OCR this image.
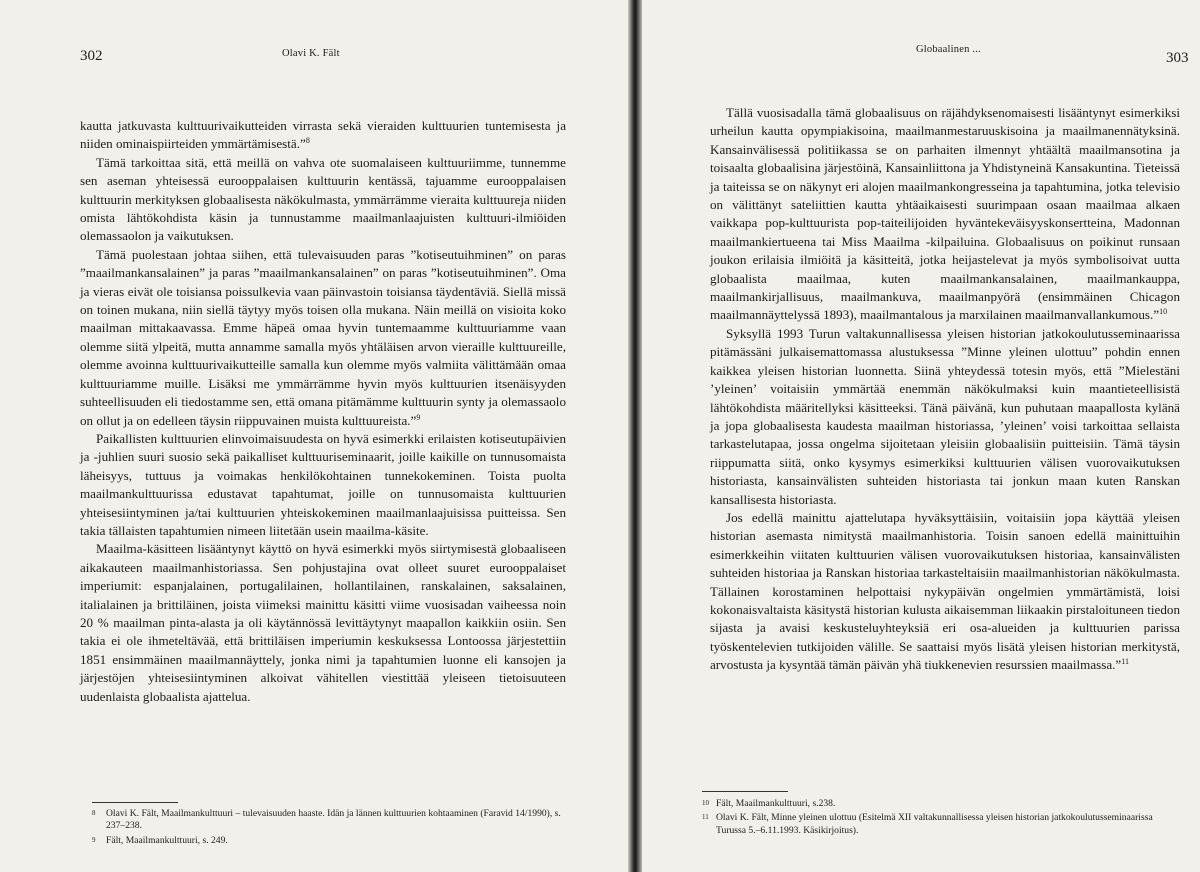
302	Olavi K. Fält

kautta jatkuvasta kulttuurivaikutteiden virrasta sekä vieraiden kulttuurien tuntemisesta ja niiden ominaispiirteiden ymmärtämisestä.”$^8$

Tämä tarkoittaa sitä, että meillä on vahva ote suomalaiseen kulttuuriimme, tunnemme sen aseman yhteisessä eurooppalaisen kulttuurin kentässä, tajuamme eurooppalaisen kulttuurin merkityksen globaalisesta näkökulmasta, ymmärrämme vieraita kulttuureja niiden omista lähtökohdista käsin ja tunnustamme maailmanlaajuisten kulttuuri-ilmiöiden olemassaolon ja vaikutuksen.

Tämä puolestaan johtaa siihen, että tulevaisuuden paras ”kotiseutuihminen” on paras ”maailmankansalainen” ja paras ”maailmankansalainen” on paras ”kotiseutuihminen”. Oma ja vieras eivät ole toisiansa poissulkevia vaan päinvastoin toisiansa täydentäviä. Siellä missä on toinen mukana, niin siellä täytyy myös toisen olla mukana. Näin meillä on visioita koko maailman mittakaavassa. Emme häpeä omaa hyvin tuntemaamme kulttuuriamme vaan olemme siitä ylpeitä, mutta annamme samalla myös yhtäläisen arvon vieraille kulttuureille, olemme avoinna kulttuurivaikutteille samalla kun olemme myös valmiita välittämään omaa kulttuuriamme muille. Lisäksi me ymmärrämme hyvin myös kulttuurien itsenäisyyden suhteellisuuden eli tiedostamme sen, että omana pitämämme kulttuurin synty ja olemassaolo on ollut ja on edelleen täysin riippuvainen muista kulttuureista.”$^9$

Paikallisten kulttuurien elinvoimaisuudesta on hyvä esimerkki erilaisten kotiseutupäivien ja -juhlien suuri suosio sekä paikalliset kulttuuriseminaarit, joille kaikille on tunnusomaista läheisyys, tuttuus ja voimakas henkilökohtainen tunnekokeminen. Toista puolta maailmankulttuurissa edustavat tapahtumat, joille on tunnusomaista kulttuurien yhteisesiintyminen ja/tai kulttuurien yhteiskokeminen maailmanlaajuisissa puitteissa. Sen takia tällaisten tapahtumien nimeen liitetään usein maailma-käsite.

Maailma-käsitteen lisääntynyt käyttö on hyvä esimerkki myös siirtymisestä globaaliseen aikakauteen maailmanhistoriassa. Sen pohjustajina ovat olleet suuret eurooppalaiset imperiumit: espanjalainen, portugalilainen, hollantilainen, ranskalainen, saksalainen, italialainen ja brittiläinen, joista viimeksi mainittu käsitti viime vuosisadan vaiheessa noin 20 % maailman pinta-alasta ja oli käytännössä levittäytynyt maapallon kaikkiin osiin. Sen takia ei ole ihmeteltävää, että brittiläisen imperiumin keskuksessa Lontoossa järjestettiin 1851 ensimmäinen maailmannäyttely, jonka nimi ja tapahtumien luonne eli kansojen ja järjestöjen yhteisesiintyminen alkoivat vähitellen viestittää yleiseen tietoisuuteen uudenlaista globaalista ajattelua.

8 Olavi K. Fält, Maailmankulttuuri – tulevaisuuden haaste. Idän ja lännen kulttuurien kohtaaminen (Faravid 14/1990), s. 237–238.
9 Fält, Maailmankulttuuri, s. 249.
Globaalinen ...
303

Tällä vuosisadalla tämä globaalisuus on räjähdyksenomaisesti lisääntynyt esimerkiksi urheilun kautta opympiakisoina, maailmanmestaruuskisoina ja maailmanennätyksinä. Kansainvälisessä politiikassa se on parhaiten ilmennyt yhtäältä maailmansotina ja toisaalta globaalisina järjestöinä, Kansainliittona ja Yhdistyneinä Kansakuntina. Tieteissä ja taiteissa se on näkynyt eri alojen maailmankongresseina ja tapahtumina, jotka televisio on välittänyt sateliittien kautta yhtäaikaisesti suurimpaan osaan maailmaa alkaen vaikkapa pop-kulttuurista pop-taiteilijoiden hyväntekeväisyyskonsertteina, Madonnan maailmankiertueena tai Miss Maailma -kilpailuina. Globaalisuus on poikinut runsaan joukon erilaisia ilmiöitä ja käsitteitä, jotka heijastelevat ja myös symbolisoivat uutta globaalista maailmaa, kuten maailmankansalainen, maailmankauppa, maailmankirjallisuus, maailmankuva, maailmanpyörä (ensimmäinen Chicagon maailmannäyttelyssä 1893), maailmantalous ja marxilainen maailmanvallankumous.”$^{10}$

Syksyllä 1993 Turun valtakunnallisessa yleisen historian jatkokoulutusseminaarissa pitämässäni julkaisemattomassa alustuksessa ”Minne yleinen ulottuu” pohdin ennen kaikkea yleisen historian luonnetta. Siinä yhteydessä totesin myös, että ”Mielestäni ’yleinen’ voitaisiin ymmärtää enemmän näkökulmaksi kuin maantieteellisistä lähtökohdista määritellyksi käsitteeksi. Tänä päivänä, kun puhutaan maapallosta kylänä ja jopa globaalisesta kaudesta maailman historiassa, ’yleinen’ voisi tarkoittaa sellaista tarkastelutapaa, jossa ongelma sijoitetaan yleisiin globaalisiin puitteisiin. Tämä täysin riippumatta siitä, onko kysymys esimerkiksi kulttuurien välisen vuorovaikutuksen historiasta, kansainvälisten suhteiden historiasta tai jonkun maan kuten Ranskan kansallisesta historiasta.

Jos edellä mainittu ajattelutapa hyväksyttäisiin, voitaisiin jopa käyttää yleisen historian asemasta nimitystä maailmanhistoria. Toisin sanoen edellä mainittuihin esimerkkeihin viitaten kulttuurien välisen vuorovaikutuksen historiaa, kansainvälisten suhteiden historiaa ja Ranskan historiaa tarkasteltaisiin maailmanhistorian näkökulmasta. Tällainen korostaminen helpottaisi nykypäivän ongelmien ymmärtämistä, loisi kokonaisvaltaista käsitystä historian kulusta aikaisemman liikaakin pirstaloituneen tiedon sijasta ja avaisi keskusteluyhteyksiä eri osa-alueiden ja kulttuurien parissa työskentelevien tutkijoiden välille. Se saattaisi myös lisätä yleisen historian merkitystä, arvostusta ja kysyntää tämän päivän yhä tiukkenevien resurssien maailmassa.”$^{11}$

10 Fält, Maailmankulttuuri, s.238.
11 Olavi K. Fält, Minne yleinen ulottuu (Esitelmä XII valtakunnallisessa yleisen historian jatkokoulutusseminaarissa Turussa 5.–6.11.1993. Käsikirjoitus).
